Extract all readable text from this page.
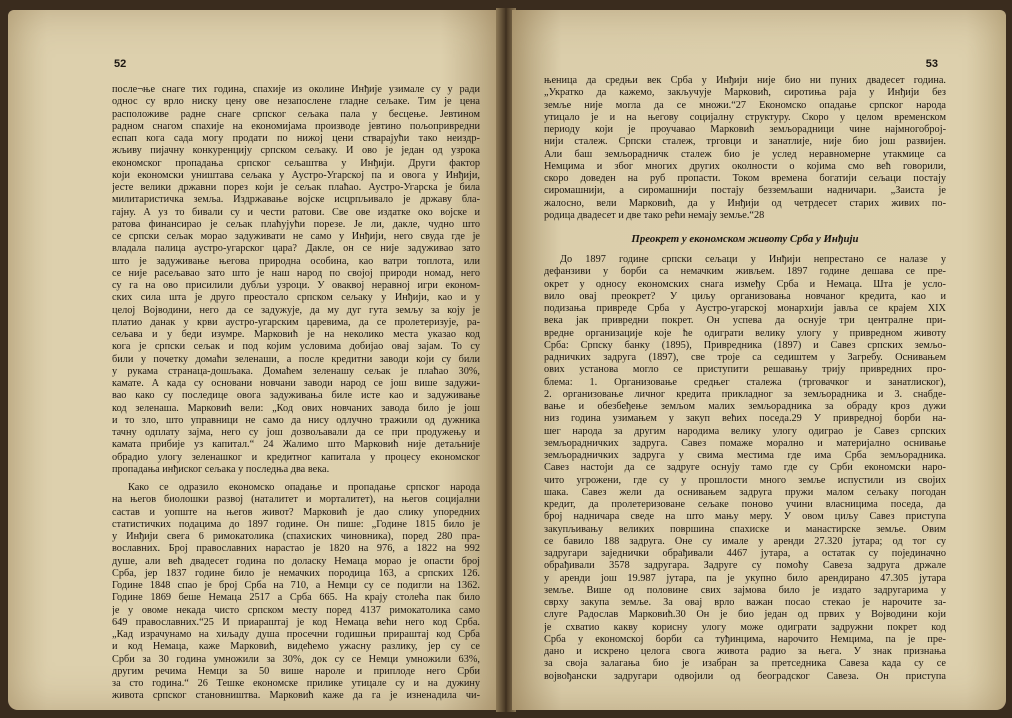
52
после¬ње снаге тих година, спахије из околине Инђије узимале су у ради
однос су врло ниску цену ове незапослене гладне сељаке. Тим је цена
расположиве радне снаге српског сељака пала у бесцење. Јевтином
радном снагом спахије на економијама производе јевтино пољопривредни
еспап кога сада могу продати по нижој цени стварајући тако неиздр-
жљиву пијачну конкуренцију српском сељаку. И ово је један од узрока
економског пропадања српског сељаштва у Инђији. Други фактор
који економски уништава сељака у Аустро-Угарској па и овога у Инђији,
јесте велики државни порез који је сељак плаћао. Аустро-Угарска је била
милитаристичка земља. Издржавање војске исцрпљивало је државу бла-
гајну. А уз то бивали су и чести ратови. Све ове издатке око војске и
ратова финансирао је сељак плаћујући порезе. Је ли, дакле, чудно што
се српски сељак морао задуживати не само у Инђији, него свуда где је
владала палица аустро-угарског цара? Дакле, он се није задуживао зато
што је задуживање његова природна особина, као ватри топлота, или
се није расељавао зато што је наш народ по својој природи номад, него
су га на ово присилили дубљи узроци. У оваквој неравној игри економ-
ских сила шта је друго преостало српском сељаку у Инђији, као и у
целој Војводини, него да се задужује, да му дуг гута земљу за коју је
платио данак у крви аустро-угарским царевима, да се пролетеризује, ра-
сељава и у беди изумре. Марковић је на неколико места указао код
кога је српски сељак и под којим условима добијао овај зајам. То су
били у почетку домаћи зеленаши, а после кредитни заводи који су били
у рукама странаца-дошљака. Домаћем зеленашу сељак је плаћао 30%,
камате. А када су основани новчани заводи народ се још више задужи-
вао како су последице овога задуживања биле исте као и задуживање
код зеленаша. Марковић вели: „Код ових новчаних завода било је још
и то зло, што управници не само да нису одлучно тражили од дужника
тачну одплату зајма, него су још дозвољавали да се при продужењу и
камата прибије уз капитал.“ 24 Жалимо што Марковић није детаљније
обрадио улогу зеленашког и кредитног капитала у процесу економског
пропадања инђиског сељака у последња два века.
Како се одразило економско опадање и пропадање српског народа
на његов биолошки развој (наталитет и морталитет), на његов социјални
састав и уопште на његов живот? Марковић је дао слику упоредних
статистичких подацима до 1897 године. Он пише: „Године 1815 било је
у Инђији свега 6 римокатолика (спахиских чиновника), поред 280 пра-
вославних. Број православних нарастао је 1820 на 976, а 1822 на 992
душе, али већ двадесет година по доласку Немаца морао је опасти број
Срба, јер 1837 године било је немачких породица 163, а српских 126.
Године 1848 спао је број Срба на 710, а Немци су се подигли на 1362.
Године 1869 беше Немаца 2517 а Срба 665. На крају столећа пак било
је у овоме некада чисто српском месту поред 4137 римокатолика само
649 православних.“25 И приараштај је код Немаца већи него код Срба.
„Кад израчунамо на хиљаду душа просечни годишњи прираштај код Срба
и код Немаца, каже Марковић, видећемо ужасну разлику, јер су се
Срби за 30 година умножили за 30%, док су се Немци умножили 63%,
другим речима Немци за 50 више нароле и приплоде него Срби
за сто година.“ 26 Тешке економске прилике утицале су и на дужину
живота српског становништва. Марковић каже да га је изненадила чи-
53
њеница да средњи век Срба у Инђији није био ни пуних двадесет година.
„Укратко да кажемо, закључује Марковић, сиротиња раја у Инђији без
земље није могла да се множи.“27 Економско опадање српског народа
утицало је и на његову социјалну структуру. Скоро у целом временском
периоду који је проучавао Марковић земљорадници чине најмногоброј-
нији сталеж. Српски сталеж, трговци и занатлије, није био још развијен.
Али баш земљорадничк сталеж био је услед неравномерне утакмице са
Немцима и због многих других околности о којима смо већ говорили,
скоро доведен на руб пропасти. Током времена богатији сељаци постају
сиромашнији, а сиромашнији постају безземљаши надничари. „Заиста је
жалосно, вели Марковић, да у Инђији од четрдесет старих живих по-
родица двадесет и две тако рећи немају земље.“28
Преокрет у економском животу Срба у Инђији
До 1897 године српски сељаци у Инђији непрестано се налазе у
дефанзиви у борби са немачким живљем. 1897 године дешава се пре-
окрет у односу економских снага између Срба и Немаца. Шта је усло-
вило овај преокрет? У циљу организовања новчаног кредита, као и
подизања привреде Срба у Аустро-угарској монархији јавља се крајем XIX
века јак привредни покрет. Он успева да оснује три централне при-
вредне организације које ће одиграти велику улогу у привредном животу
Срба: Српску банку (1895), Привредника (1897) и Савез српских земљо-
радничких задруга (1897), све троје са седиштем у Загребу. Оснивањем
ових установа могло се приступити решавању трију привредних про-
блема: 1. Организовање средњег сталежа (трговачког и занатлиског),
2. организовање личног кредита прикладног за земљорадника и 3. снабде-
вање и обезбеђење земљом малих земљорадника за обраду кроз дужи
низ година узимањем у закуп већих поседа.29 У привредној борби на-
шег народа за другим народима велику улогу одиграо је Савез српских
земљорадничких задруга. Савез помаже морално и материјално оснивање
земљорадничких задруга у свима местима где има Срба земљорадника.
Савез настоји да се задруге оснују тамо где су Срби економски наро-
чито угрожени, где су у прошлости много земље испустили из својих
шака. Савез жели да оснивањем задруга пружи малом сељаку погодан
кредит, да пролетеризоване сељаке поново учини власницима поседа, да
број надничара сведе на што мању меру. У овом циљу Савез приступа
закупљивању великих површина спахиске и манастирске земље. Овим
се бавило 188 задруга. Оне су имале у аренди 27.320 јутара; од тог су
задругари заједнички обрађивали 4467 јутара, а остатак су појединачно
обрађивали 3578 задругара. Задруге су помоћу Савеза задруга држале
у аренди још 19.987 јутара, па је укупно било арендирано 47.305 јутара
земље. Више од половине свих зајмова било је издато задругарима у
сврху закупа земље. За овај врло важан посао стекао је нарочите за-
слуге Радослав Марковић.30 Он је био један од првих у Војводини који
је схватио какву корисну улогу може одиграти задружни покрет код
Срба у економској борби са туђинцима, нарочито Немцима, па је пре-
дано и искрено целога свога живота радио за њега. У знак признања
за своја залагања био је изабран за претседника Савеза када су се
војвођански задругари одвојили од београдског Савеза. Он приступа
